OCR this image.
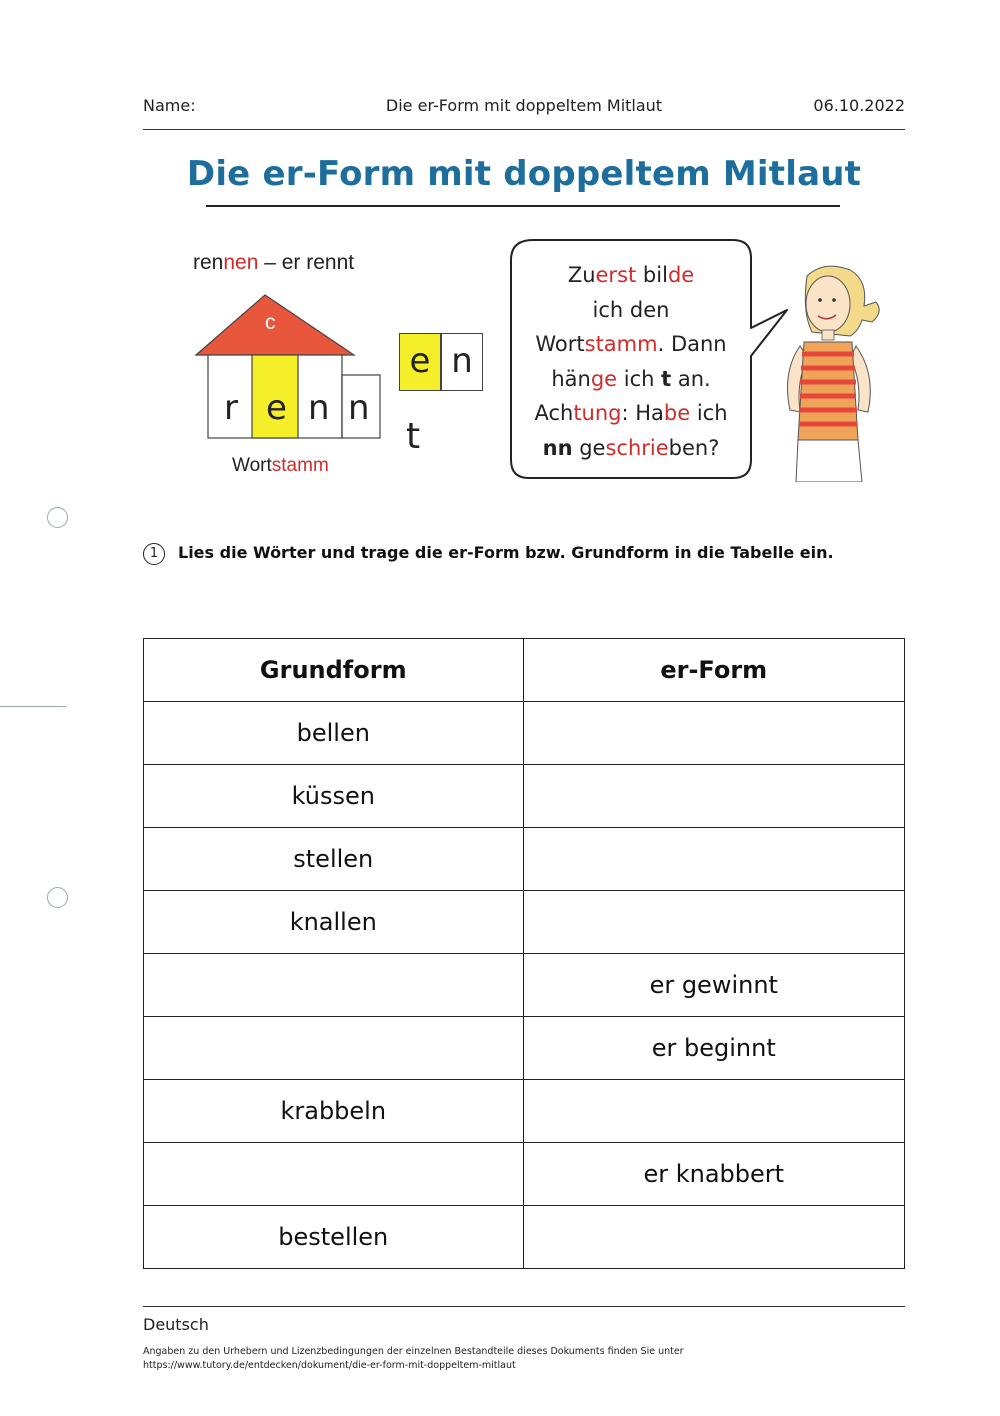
Name:	Die er-Form mit doppeltem Mitlaut	06.10.2022
Die er-Form mit doppeltem Mitlaut
rennen – er rennt
c
r e n n
e n
t
Wortstamm
Zuerst bilde
ich den
Wortstamm. Dann
hänge ich t an.
Achtung: Habe ich
nn geschrieben?
1	Lies die Wörter und trage die er-Form bzw. Grundform in die Tabelle ein.
Grundform	er-Form
bellen	
küssen	
stellen	
knallen	
	er gewinnt
	er beginnt
krabbeln	
	er knabbert
bestellen	
Deutsch
Angaben zu den Urhebern und Lizenzbedingungen der einzelnen Bestandteile dieses Dokuments finden Sie unter
https://www.tutory.de/entdecken/dokument/die-er-form-mit-doppeltem-mitlaut
